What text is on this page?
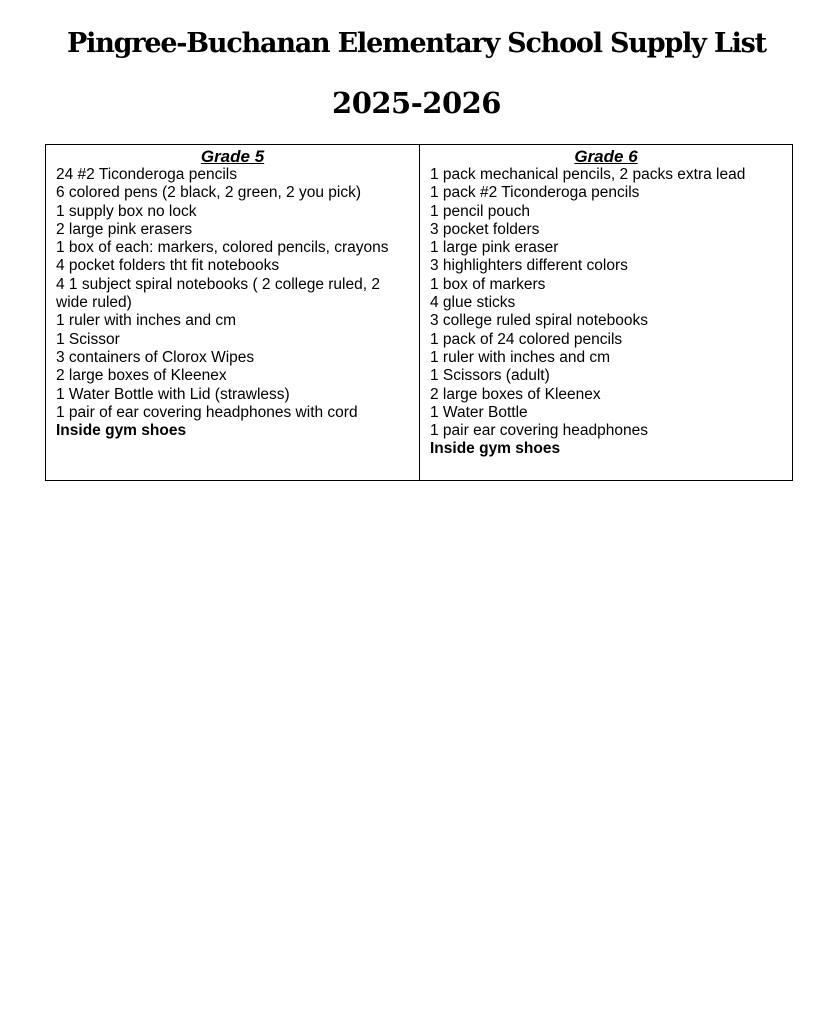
Pingree-Buchanan Elementary School Supply List
2025-2026
Grade 5
24 #2 Ticonderoga pencils
6 colored pens (2 black, 2 green, 2 you pick)
1 supply box no lock
2 large pink erasers
1 box of each: markers, colored pencils, crayons
4 pocket folders tht fit notebooks
4 1 subject spiral notebooks ( 2 college ruled, 2 wide ruled)
1 ruler with inches and cm
1 Scissor
3 containers of Clorox Wipes
2 large boxes of Kleenex
1 Water Bottle with Lid (strawless)
1 pair of ear covering headphones with cord
Inside gym shoes
Grade 6
1 pack mechanical pencils, 2 packs extra lead
1 pack #2 Ticonderoga pencils
1 pencil pouch
3 pocket folders
1 large pink eraser
3 highlighters different colors
1 box of markers
4 glue sticks
3 college ruled spiral notebooks
1 pack of 24 colored pencils
1 ruler with inches and cm
1 Scissors (adult)
2 large boxes of Kleenex
1 Water Bottle
1 pair ear covering headphones
Inside gym shoes
